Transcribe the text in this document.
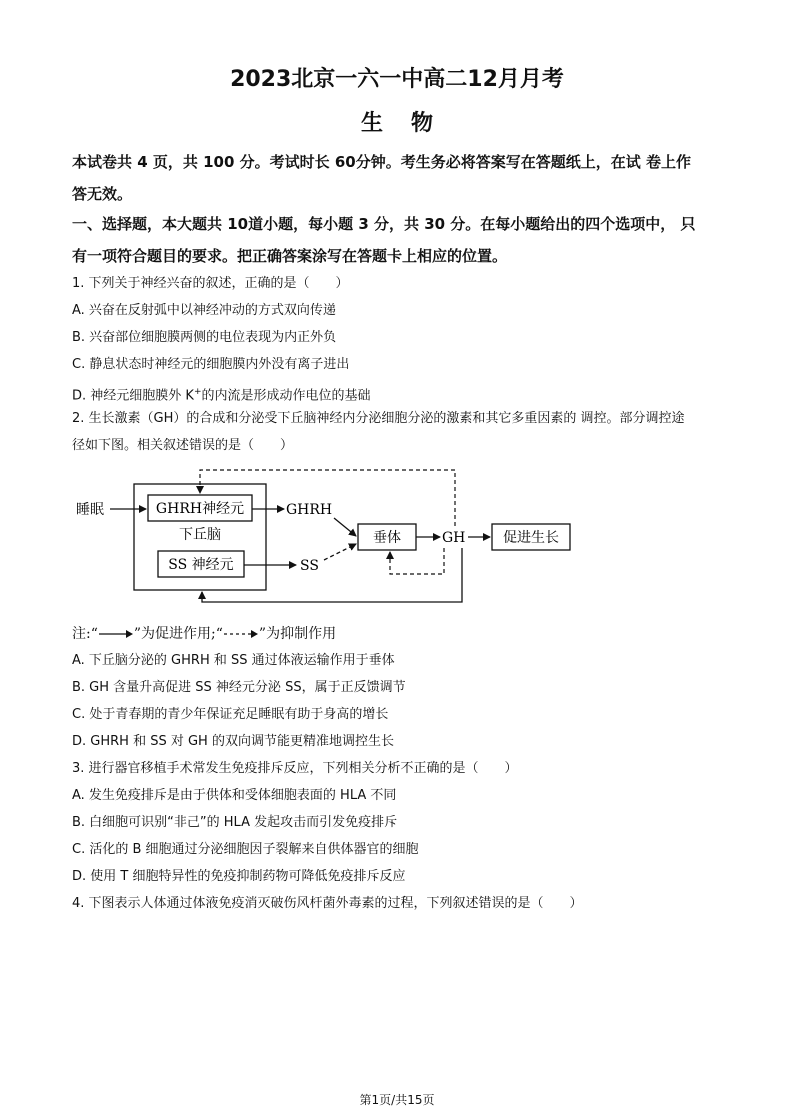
2023北京一六一中高二12月月考
生物
本试卷共 4 页，共 100 分。考试时长 60分钟。考生务必将答案写在答题纸上，在试 卷上作
答无效。
一、选择题，本大题共 10道小题，每小题 3 分，共 30 分。在每小题给出的四个选项中， 只
有一项符合题目的要求。把正确答案涂写在答题卡上相应的位置。
1. 下列关于神经兴奋的叙述，正确的是（　　）
A. 兴奋在反射弧中以神经冲动的方式双向传递
B. 兴奋部位细胞膜两侧的电位表现为内正外负
C. 静息状态时神经元的细胞膜内外没有离子进出
D. 神经元细胞膜外 K+的内流是形成动作电位的基础
2. 生长激素（GH）的合成和分泌受下丘脑神经内分泌细胞分泌的激素和其它多重因素的 调控。部分调控途
径如下图。相关叙述错误的是（　　）
GHRH神经元
下丘脑
SS 神经元
睡眠	GHRH
SS
垂体	GH	促进生长
注:“	”为促进作用;“	”为抑制作用
A. 下丘脑分泌的 GHRH 和 SS 通过体液运输作用于垂体
B. GH 含量升高促进 SS 神经元分泌 SS，属于正反馈调节
C. 处于青春期的青少年保证充足睡眠有助于身高的增长
D. GHRH 和 SS 对 GH 的双向调节能更精准地调控生长
3. 进行器官移植手术常发生免疫排斥反应，下列相关分析不正确的是（　　）
A. 发生免疫排斥是由于供体和受体细胞表面的 HLA 不同
B. 白细胞可识别“非己”的 HLA 发起攻击而引发免疫排斥
C. 活化的 B 细胞通过分泌细胞因子裂解来自供体器官的细胞
D. 使用 T 细胞特异性的免疫抑制药物可降低免疫排斥反应
4. 下图表示人体通过体液免疫消灭破伤风杆菌外毒素的过程，下列叙述错误的是（　　）
第1页/共15页
